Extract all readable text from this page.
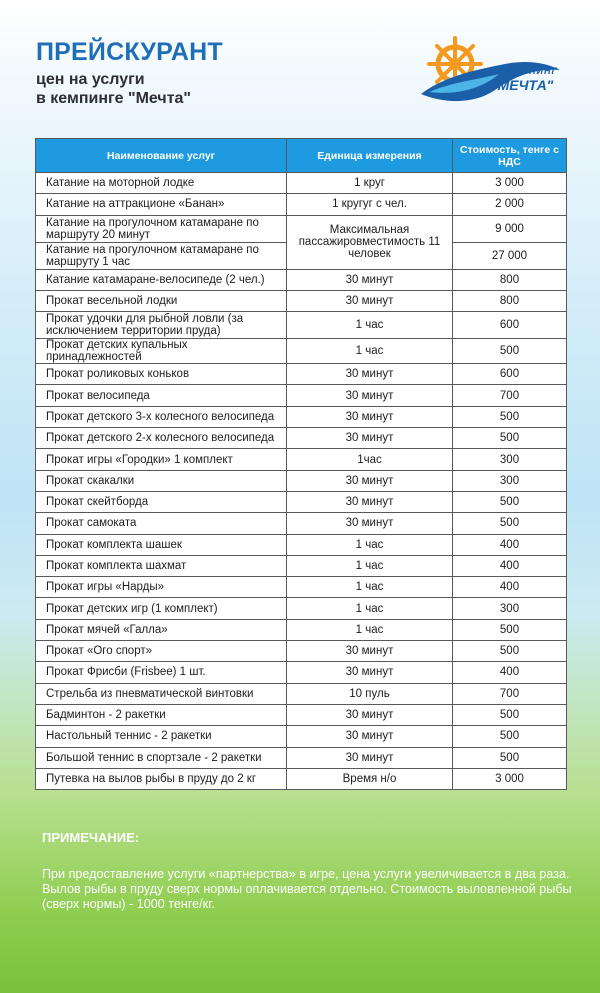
ПРЕЙСКУРАНТ
цен на услуги
в кемпинге "Мечта"
КЕМПИНГ
"МЕЧТА"
Наименование услуг	Единица измерения	Стоимость, тенге с НДС
Катание на моторной лодке	1 круг	3 000
Катание на аттракционе «Банан»	1 кругуг с чел.	2 000
Катание на прогулочном катамаране по маршруту 20 минут	Максимальная пассажировместимость 11 человек	9 000
Катание на прогулочном катамаране по маршруту 1 час		27 000
Катание катамаране-велосипеде (2 чел.)	30 минут	800
Прокат весельной лодки	30 минут	800
Прокат удочки для рыбной ловли (за исключением территории пруда)	1 час	600
Прокат детских купальных принадлежностей	1 час	500
Прокат роликовых коньков	30 минут	600
Прокат велосипеда	30 минут	700
Прокат детского 3-х колесного велосипеда	30 минут	500
Прокат детского 2-х колесного велосипеда	30 минут	500
Прокат игры «Городки» 1 комплект	1час	300
Прокат скакалки	30 минут	300
Прокат скейтборда	30 минут	500
Прокат самоката	30 минут	500
Прокат комплекта шашек	1 час	400
Прокат комплекта шахмат	1 час	400
Прокат игры «Нарды»	1 час	400
Прокат детских игр (1 комплект)	1 час	300
Прокат мячей «Галла»	1 час	500
Прокат «Ого спорт»	30 минут	500
Прокат Фрисби (Frisbee) 1 шт.	30 минут	400
Стрельба из пневматической винтовки	10 пуль	700
Бадминтон - 2 ракетки	30 минут	500
Настольный теннис - 2 ракетки	30 минут	500
Большой теннис в спортзале - 2 ракетки	30 минут	500
Путевка на вылов рыбы в пруду до 2 кг	Время н/о	3 000
ПРИМЕЧАНИЕ:
При предоставление услуги «партнерства» в игре, цена услуги увеличивается в два раза. Вылов рыбы в пруду сверх нормы оплачивается отдельно. Стоимость выловленной рыбы (сверх нормы) - 1000 тенге/кг.
